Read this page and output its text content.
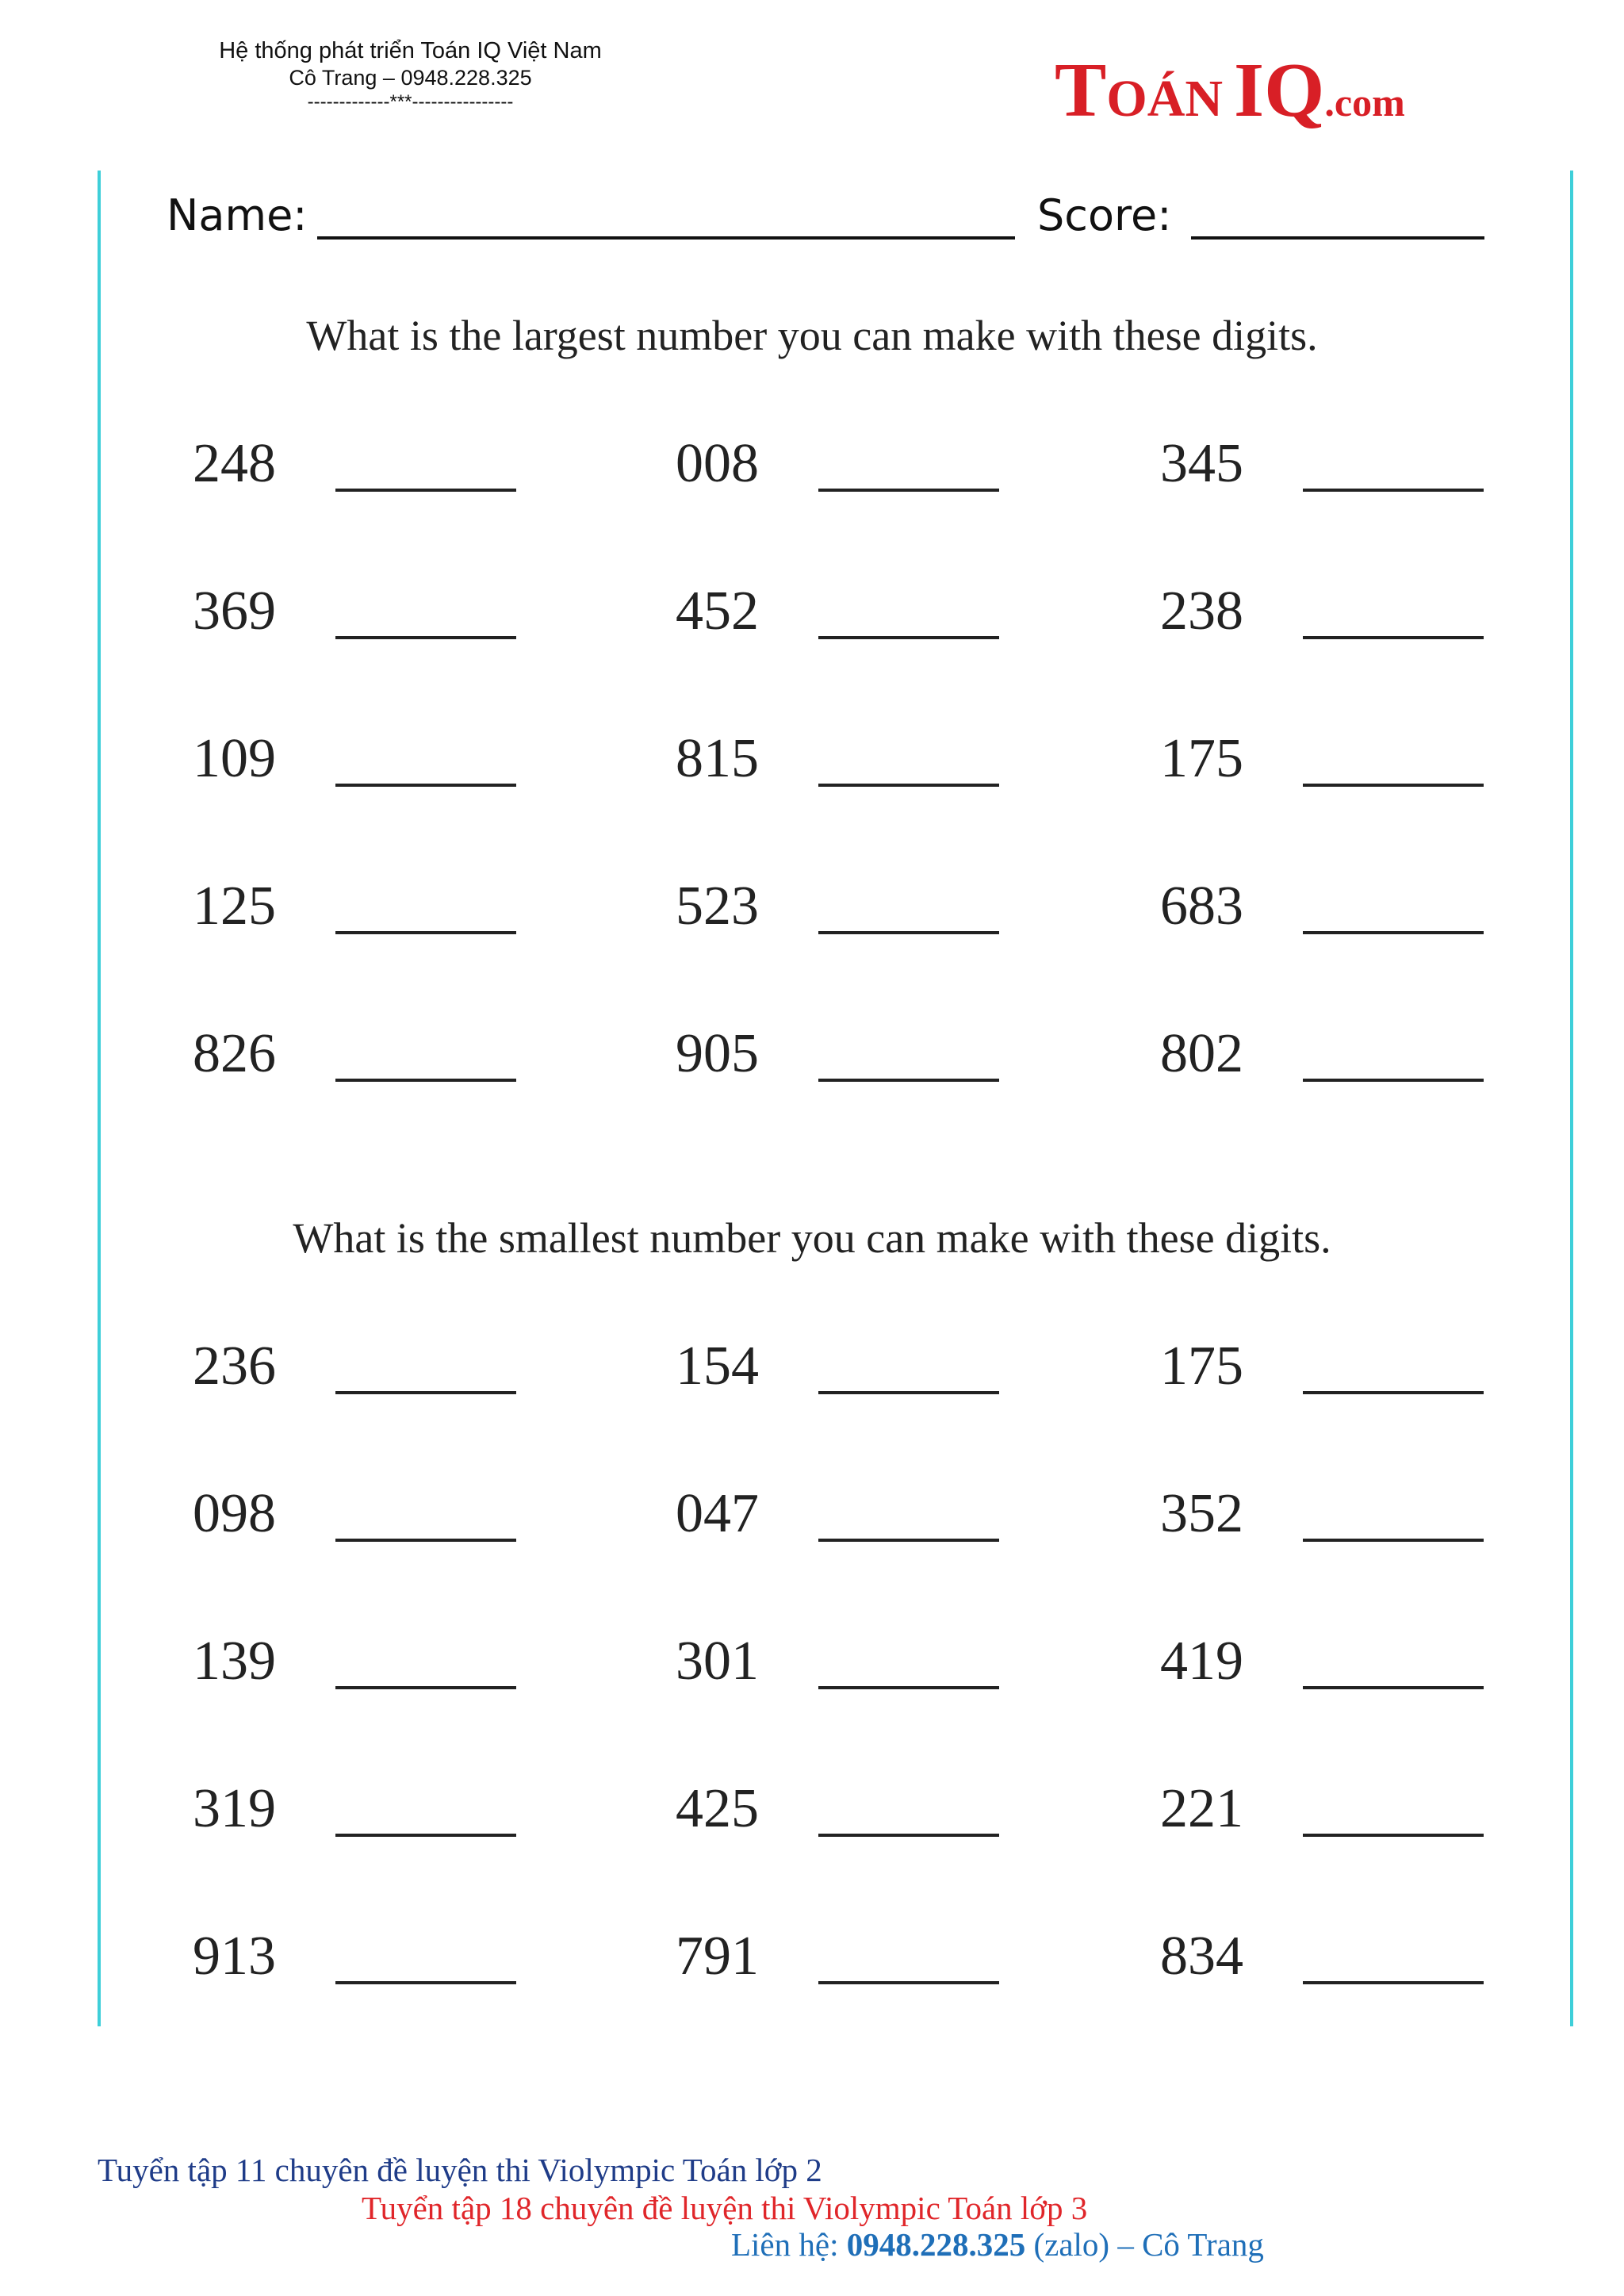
Hệ thống phát triển Toán IQ Việt Nam
Cô Trang – 0948.228.325
-------------***----------------	TOÁN IQ.com
Name:	Score:
What is the largest number you can make with these digits.
248	008	345
369	452	238
109	815	175
125	523	683
826	905	802
What is the smallest number you can make with these digits.
236	154	175
098	047	352
139	301	419
319	425	221
913	791	834
Tuyển tập 11 chuyên đề luyện thi Violympic Toán lớp 2
Tuyển tập 18 chuyên đề luyện thi Violympic Toán lớp 3
Liên hệ: 0948.228.325 (zalo) – Cô Trang
